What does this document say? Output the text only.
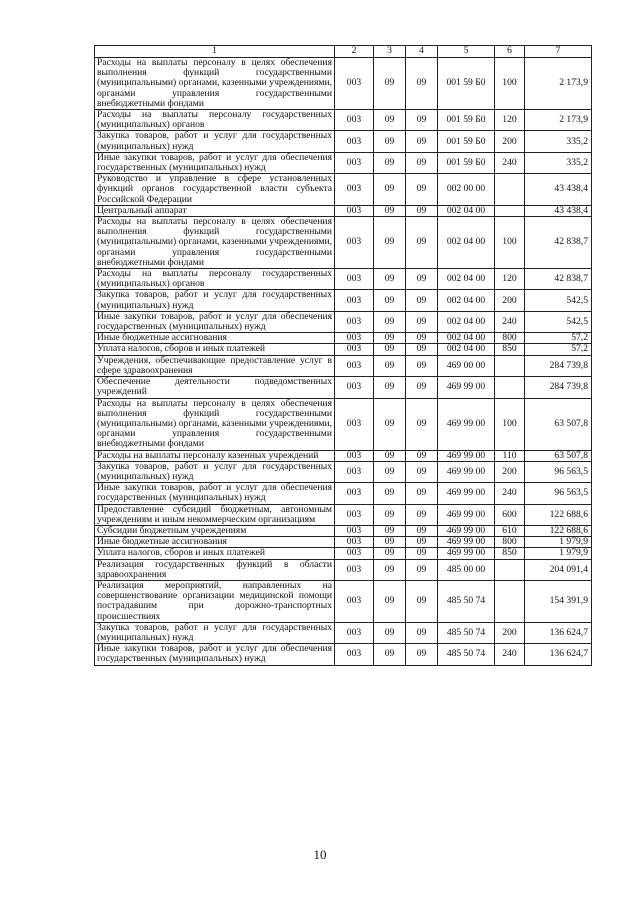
1	2	3	4	5	6	7
Расходы на выплаты персоналу в целях обеспечения выполнения функций государственными (муниципальными) органами, казенными учреждениями, органами управления государственными внебюджетными фондами	003	09	09	001 59 Б0	100	2 173,9
Расходы на выплаты персоналу государственных (муниципальных) органов	003	09	09	001 59 Б0	120	2 173,9
Закупка товаров, работ и услуг для государственных (муниципальных) нужд	003	09	09	001 59 Б0	200	335,2
Иные закупки товаров, работ и услуг для обеспечения государственных (муниципальных) нужд	003	09	09	001 59 Б0	240	335,2
Руководство и управление в сфере установленных функций органов государственной власти субъекта Российской Федерации	003	09	09	002 00 00		43 438,4
Центральный аппарат	003	09	09	002 04 00		43 438,4
Расходы на выплаты персоналу в целях обеспечения выполнения функций государственными (муниципальными) органами, казенными учреждениями, органами управления государственными внебюджетными фондами	003	09	09	002 04 00	100	42 838,7
Расходы на выплаты персоналу государственных (муниципальных) органов	003	09	09	002 04 00	120	42 838,7
Закупка товаров, работ и услуг для государственных (муниципальных) нужд	003	09	09	002 04 00	200	542,5
Иные закупки товаров, работ и услуг для обеспечения государственных (муниципальных) нужд	003	09	09	002 04 00	240	542,5
Иные бюджетные ассигнования	003	09	09	002 04 00	800	57,2
Уплата налогов, сборов и иных платежей	003	09	09	002 04 00	850	57,2
Учреждения, обеспечивающие предоставление услуг в сфере здравоохранения	003	09	09	469 00 00		284 739,8
Обеспечение деятельности подведомственных учреждений	003	09	09	469 99 00		284 739,8
Расходы на выплаты персоналу в целях обеспечения выполнения функций государственными (муниципальными) органами, казенными учреждениями, органами управления государственными внебюджетными фондами	003	09	09	469 99 00	100	63 507,8
Расходы на выплаты персоналу казенных учреждений	003	09	09	469 99 00	110	63 507,8
Закупка товаров, работ и услуг для государственных (муниципальных) нужд	003	09	09	469 99 00	200	96 563,5
Иные закупки товаров, работ и услуг для обеспечения государственных (муниципальных) нужд	003	09	09	469 99 00	240	96 563,5
Предоставление субсидий бюджетным, автономным учреждениям и иным некоммерческим организациям	003	09	09	469 99 00	600	122 688,6
Субсидии бюджетным учреждениям	003	09	09	469 99 00	610	122 688,6
Иные бюджетные ассигнования	003	09	09	469 99 00	800	1 979,9
Уплата налогов, сборов и иных платежей	003	09	09	469 99 00	850	1 979,9
Реализация государственных функций в области здравоохранения	003	09	09	485 00 00		204 091,4
Реализация мероприятий, направленных на совершенствование организации медицинской помощи пострадавшим при дорожно-транспортных происшествиях	003	09	09	485 50 74		154 391,9
Закупка товаров, работ и услуг для государственных (муниципальных) нужд	003	09	09	485 50 74	200	136 624,7
Иные закупки товаров, работ и услуг для обеспечения государственных (муниципальных) нужд	003	09	09	485 50 74	240	136 624,7
10
